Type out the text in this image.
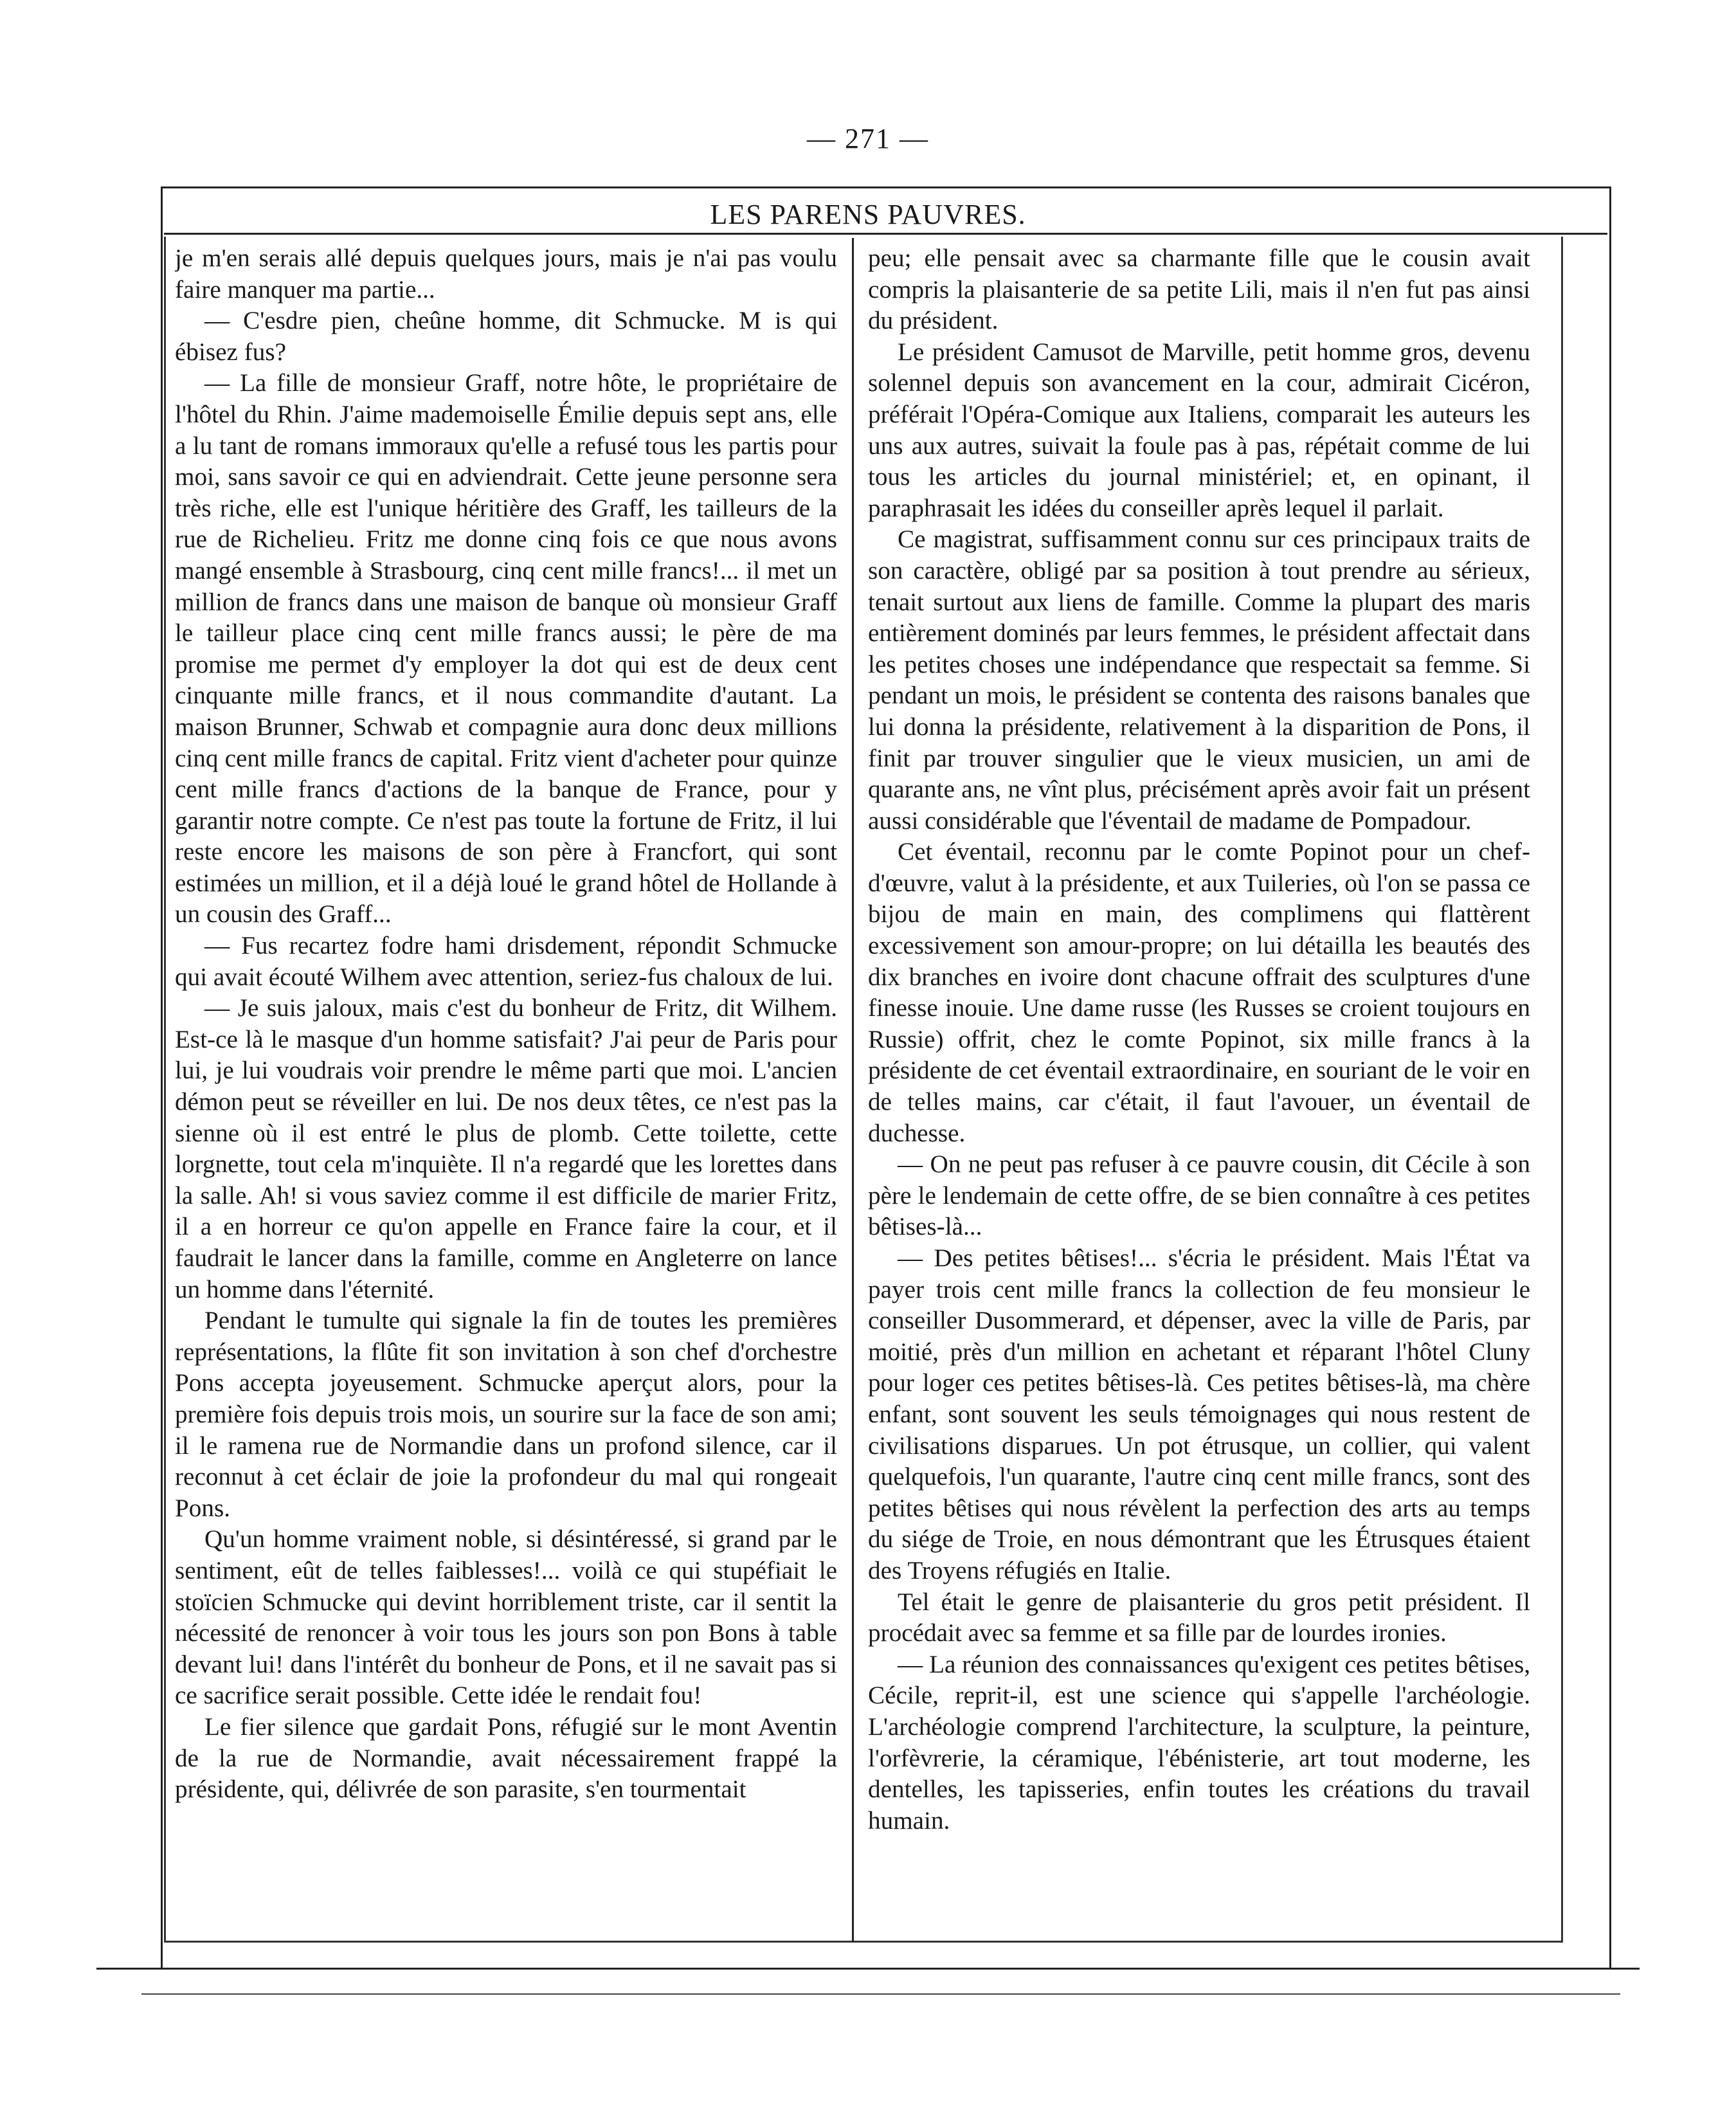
— 271 —
LES PARENS PAUVRES.

je m'en serais allé depuis quelques jours, mais je n'ai pas voulu faire manquer ma partie...

— C'esdre pien, cheûne homme, dit Schmucke. M is qui ébisez fus?

— La fille de monsieur Graff, notre hôte, le propriétaire de l'hôtel du Rhin. J'aime mademoiselle Émilie depuis sept ans, elle a lu tant de romans immoraux qu'elle a refusé tous les partis pour moi, sans savoir ce qui en adviendrait. Cette jeune personne sera très riche, elle est l'unique héritière des Graff, les tailleurs de la rue de Richelieu. Fritz me donne cinq fois ce que nous avons mangé ensemble à Strasbourg, cinq cent mille francs!... il met un million de francs dans une maison de banque où monsieur Graff le tailleur place cinq cent mille francs aussi; le père de ma promise me permet d'y employer la dot qui est de deux cent cinquante mille francs, et il nous commandite d'autant. La maison Brunner, Schwab et compagnie aura donc deux millions cinq cent mille francs de capital. Fritz vient d'acheter pour quinze cent mille francs d'actions de la banque de France, pour y garantir notre compte. Ce n'est pas toute la fortune de Fritz, il lui reste encore les maisons de son père à Francfort, qui sont estimées un million, et il a déjà loué le grand hôtel de Hollande à un cousin des Graff...

— Fus recartez fodre hami drisdement, répondit Schmucke qui avait écouté Wilhem avec attention, seriez-fus chaloux de lui.

— Je suis jaloux, mais c'est du bonheur de Fritz, dit Wilhem. Est-ce là le masque d'un homme satisfait? J'ai peur de Paris pour lui, je lui voudrais voir prendre le même parti que moi. L'ancien démon peut se réveiller en lui. De nos deux têtes, ce n'est pas la sienne où il est entré le plus de plomb. Cette toilette, cette lorgnette, tout cela m'inquiète. Il n'a regardé que les lorettes dans la salle. Ah! si vous saviez comme il est difficile de marier Fritz, il a en horreur ce qu'on appelle en France faire la cour, et il faudrait le lancer dans la famille, comme en Angleterre on lance un homme dans l'éternité.

Pendant le tumulte qui signale la fin de toutes les premières représentations, la flûte fit son invitation à son chef d'orchestre Pons accepta joyeusement. Schmucke aperçut alors, pour la première fois depuis trois mois, un sourire sur la face de son ami; il le ramena rue de Normandie dans un profond silence, car il reconnut à cet éclair de joie la profondeur du mal qui rongeait Pons.

Qu'un homme vraiment noble, si désintéressé, si grand par le sentiment, eût de telles faiblesses!... voilà ce qui stupéfiait le stoïcien Schmucke qui devint horriblement triste, car il sentit la nécessité de renoncer à voir tous les jours son pon Bons à table devant lui! dans l'intérêt du bonheur de Pons, et il ne savait pas si ce sacrifice serait possible. Cette idée le rendait fou!

Le fier silence que gardait Pons, réfugié sur le mont Aventin de la rue de Normandie, avait nécessairement frappé la présidente, qui, délivrée de son parasite, s'en tourmentait

peu; elle pensait avec sa charmante fille que le cousin avait compris la plaisanterie de sa petite Lili, mais il n'en fut pas ainsi du président.

Le président Camusot de Marville, petit homme gros, devenu solennel depuis son avancement en la cour, admirait Cicéron, préférait l'Opéra-Comique aux Italiens, comparait les auteurs les uns aux autres, suivait la foule pas à pas, répétait comme de lui tous les articles du journal ministériel; et, en opinant, il paraphrasait les idées du conseiller après lequel il parlait.

Ce magistrat, suffisamment connu sur ces principaux traits de son caractère, obligé par sa position à tout prendre au sérieux, tenait surtout aux liens de famille. Comme la plupart des maris entièrement dominés par leurs femmes, le président affectait dans les petites choses une indépendance que respectait sa femme. Si pendant un mois, le président se contenta des raisons banales que lui donna la présidente, relativement à la disparition de Pons, il finit par trouver singulier que le vieux musicien, un ami de quarante ans, ne vînt plus, précisément après avoir fait un présent aussi considérable que l'éventail de madame de Pompadour.

Cet éventail, reconnu par le comte Popinot pour un chef-d'œuvre, valut à la présidente, et aux Tuileries, où l'on se passa ce bijou de main en main, des complimens qui flattèrent excessivement son amour-propre; on lui détailla les beautés des dix branches en ivoire dont chacune offrait des sculptures d'une finesse inouie. Une dame russe (les Russes se croient toujours en Russie) offrit, chez le comte Popinot, six mille francs à la présidente de cet éventail extraordinaire, en souriant de le voir en de telles mains, car c'était, il faut l'avouer, un éventail de duchesse.

— On ne peut pas refuser à ce pauvre cousin, dit Cécile à son père le lendemain de cette offre, de se bien connaître à ces petites bêtises-là...

— Des petites bêtises!... s'écria le président. Mais l'État va payer trois cent mille francs la collection de feu monsieur le conseiller Dusommerard, et dépenser, avec la ville de Paris, par moitié, près d'un million en achetant et réparant l'hôtel Cluny pour loger ces petites bêtises-là. Ces petites bêtises-là, ma chère enfant, sont souvent les seuls témoignages qui nous restent de civilisations disparues. Un pot étrusque, un collier, qui valent quelquefois, l'un quarante, l'autre cinq cent mille francs, sont des petites bêtises qui nous révèlent la perfection des arts au temps du siége de Troie, en nous démontrant que les Étrusques étaient des Troyens réfugiés en Italie.

Tel était le genre de plaisanterie du gros petit président. Il procédait avec sa femme et sa fille par de lourdes ironies.

— La réunion des connaissances qu'exigent ces petites bêtises, Cécile, reprit-il, est une science qui s'appelle l'archéologie. L'archéologie comprend l'architecture, la sculpture, la peinture, l'orfèvrerie, la céramique, l'ébénisterie, art tout moderne, les dentelles, les tapisseries, enfin toutes les créations du travail humain.
